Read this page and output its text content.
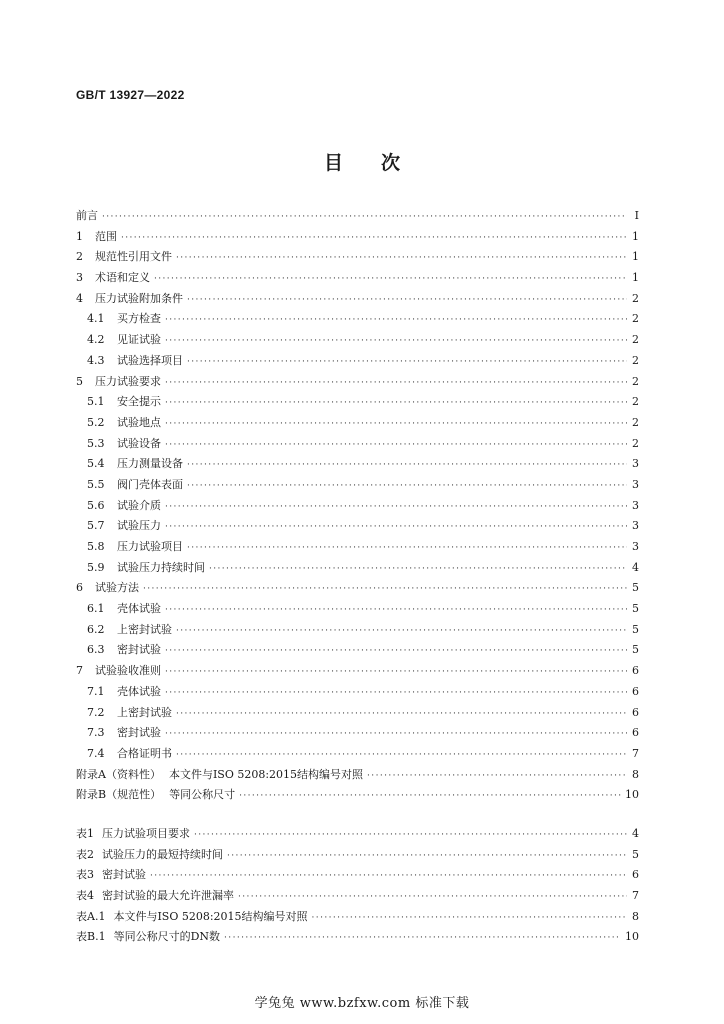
GB/T 13927—2022
目次
前言 ·····	Ⅰ
1	范围 ·····	1
2	规范性引用文件 ·····	1
3	术语和定义 ·····	1
4	压力试验附加条件 ·····	2
4.1	买方检查 ·····	2
4.2	见证试验 ·····	2
4.3	试验选择项目 ·····	2
5	压力试验要求 ·····	2
5.1	安全提示 ·····	2
5.2	试验地点 ·····	2
5.3	试验设备 ·····	2
5.4	压力测量设备 ·····	3
5.5	阀门壳体表面 ·····	3
5.6	试验介质 ·····	3
5.7	试验压力 ·····	3
5.8	压力试验项目 ·····	3
5.9	试验压力持续时间 ·····	4
6	试验方法 ·····	5
6.1	壳体试验 ·····	5
6.2	上密封试验 ·····	5
6.3	密封试验 ·····	5
7	试验验收准则 ·····	6
7.1	壳体试验 ·····	6
7.2	上密封试验 ·····	6
7.3	密封试验 ·····	6
7.4	合格证明书 ·····	7
附录A（资料性） 本文件与ISO 5208:2015结构编号对照 ·····	8
附录B（规范性） 等同公称尺寸 ·····	10
表1 压力试验项目要求 ·····	4
表2 试验压力的最短持续时间 ·····	5
表3 密封试验 ·····	6
表4 密封试验的最大允许泄漏率 ·····	7
表A.1 本文件与ISO 5208:2015结构编号对照 ·····	8
表B.1 等同公称尺寸的DN数 ·····	10
学兔兔 www.bzfxw.com 标准下载
